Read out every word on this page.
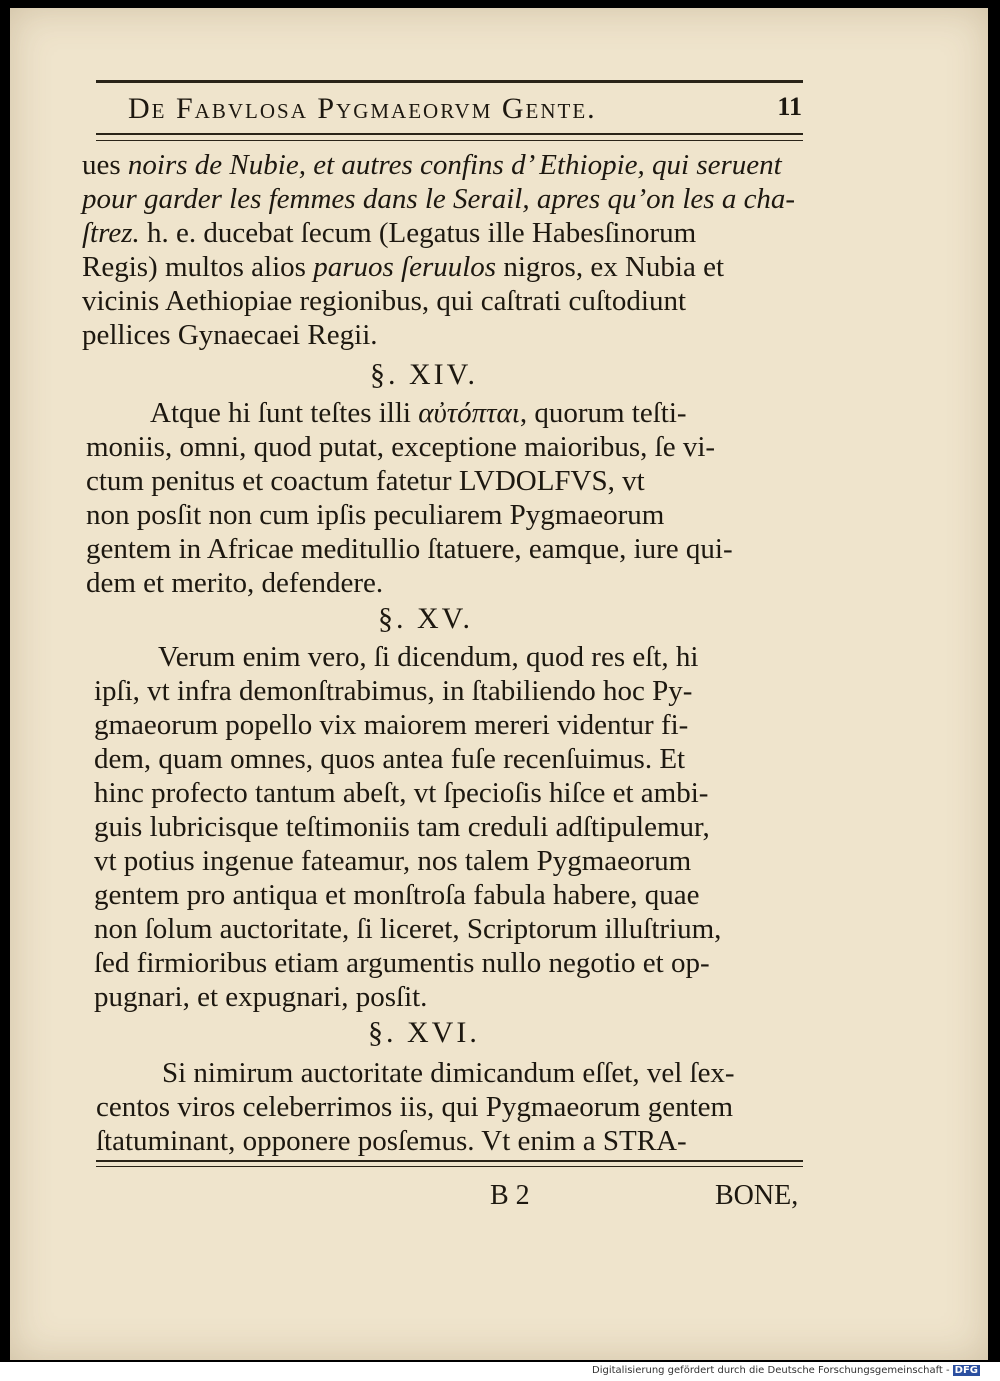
De Fabvlosa Pygmaeorvm Gente.	11
ues noirs de Nubie, et autres confins d’ Ethiopie, qui seruent
pour garder les femmes dans le Serail, apres qu’on les a cha-
ſtrez. h. e. ducebat ſecum (Legatus ille Habesſinorum
Regis) multos alios paruos ſeruulos nigros, ex Nubia et
vicinis Aethiopiae regionibus, qui caſtrati cuſtodiunt
pellices Gynaecaei Regii.
§. XIV.
Atque hi ſunt teſtes illi αὐτόπται, quorum teſti-
moniis, omni, quod putat, exceptione maioribus, ſe vi-
ctum penitus et coactum fatetur LVDOLFVS, vt
non posſit non cum ipſis peculiarem Pygmaeorum
gentem in Africae meditullio ſtatuere, eamque, iure qui-
dem et merito, defendere.
§. XV.
Verum enim vero, ſi dicendum, quod res eſt, hi
ipſi, vt infra demonſtrabimus, in ſtabiliendo hoc Py-
gmaeorum popello vix maiorem mereri videntur fi-
dem, quam omnes, quos antea fuſe recenſuimus. Et
hinc profecto tantum abeſt, vt ſpecioſis hiſce et ambi-
guis lubricisque teſtimoniis tam creduli adſtipulemur,
vt potius ingenue fateamur, nos talem Pygmaeorum
gentem pro antiqua et monſtroſa fabula habere, quae
non ſolum auctoritate, ſi liceret, Scriptorum illuſtrium,
ſed firmioribus etiam argumentis nullo negotio et op-
pugnari, et expugnari, posſit.
§. XVI.
Si nimirum auctoritate dimicandum eſſet, vel ſex-
centos viros celeberrimos iis, qui Pygmaeorum gentem
ſtatuminant, opponere posſemus. Vt enim a STRA-
B 2	BONE,
Digitalisierung gefördert durch die Deutsche Forschungsgemeinschaft - DFG
